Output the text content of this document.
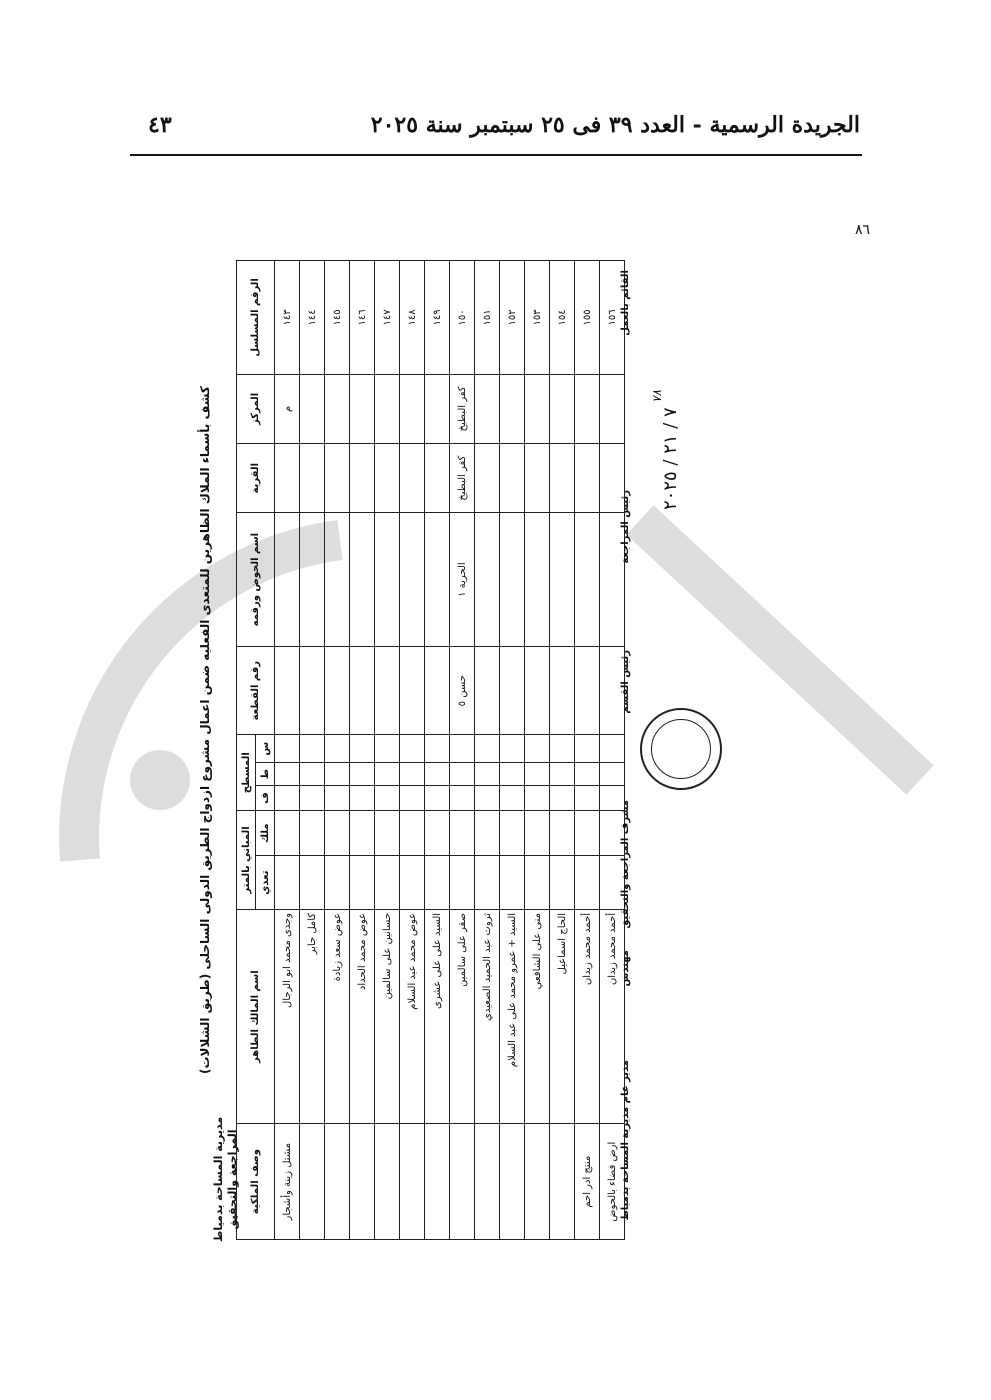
الجريدة الرسمية - العدد ٣٩ فى ٢٥ سبتمبر سنة ٢٠٢٥
٤٣
٨٦
كشف بأسماء الملاك الظاهرين للمتعدى الفعليه ضمن اعمال مشروع ازدواج الطريق الدولى الساحلى (طريق الشلالات)
مديرية المساحة بدمياط المراجعة والتحقيق
الرقم المسلسل	المركز	القرية	اسم الحوض ورقمه	رقم القطعة	المسطح			المباني بالمتر		اسم المالك الظاهر	وصف الملكية
					س	ط	ف	ملك	تعدي		
١٤٣	م									وجدى محمد ابو الرجال	مشتل زينة وأشجار
١٤٤										كامل جابر	
١٤٥										عوض سعد زيادة	
١٤٦										عوض محمد الحداد	
١٤٧										حسانين على سالمين	
١٤٨										عوض محمد عبد السلام	
١٤٩										السيد على على عشرى	
١٥٠	كفر البطيخ	كفر البطيخ	الحرية ١	حسن ٥						صقر على سالمين	
١٥١										ثروت عبد الحميد الصعيدي	
١٥٢										السيد + عمرو محمد على عبد السلام	
١٥٣										منى على الشافعي	
١٥٤										الحاج اسماعيل	
١٥٥										أحمد محمد زيدان	منتج ادر احم
١٥٦										أحمد محمد زيدان	ارض فضاء بالحوض
القائم بالعمل
رئيس المراجعة
٧٨
رئيس القسم
مشرف المراجعة والتحقيق
مهندس
مدير عام مديرية المساحة بدمياط
٧ / ٢١ / ٢٠٢٥
